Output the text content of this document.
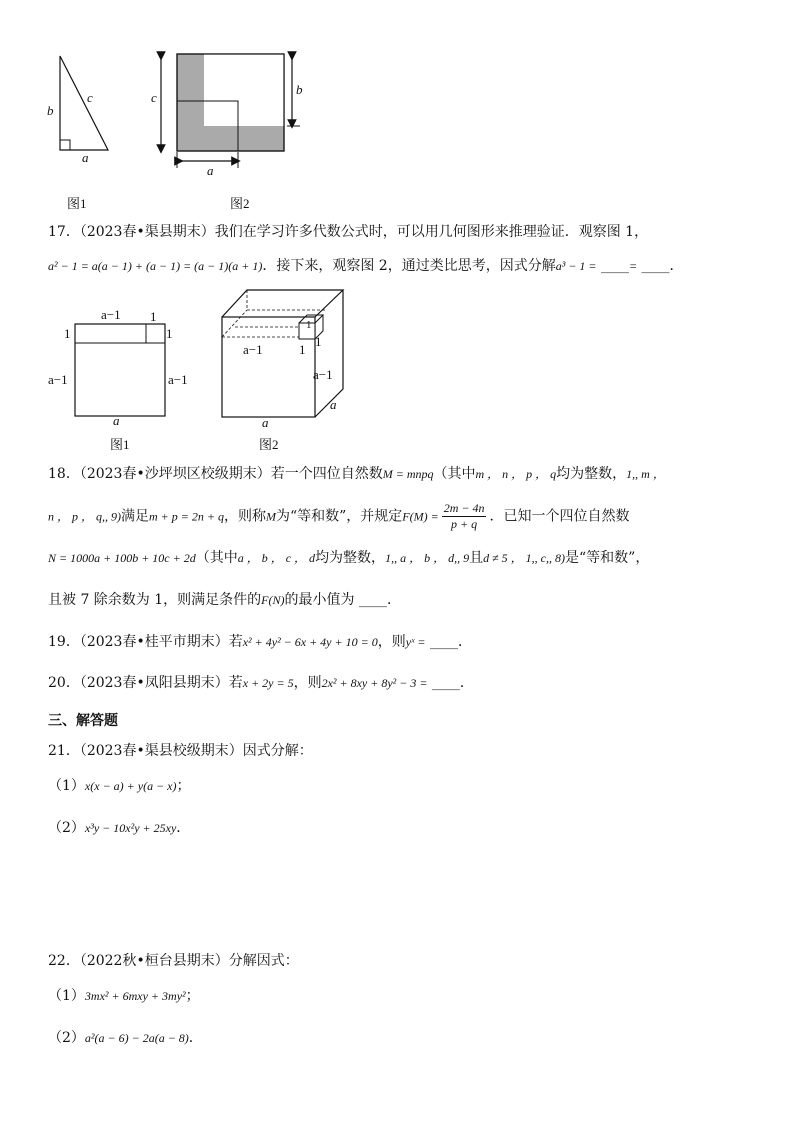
b
c
a
图1
c
b
a
图2
17．（2023春•渠县期末）我们在学习许多代数公式时，可以用几何图形来推理验证．观察图 1，
a² − 1 = a(a − 1) + (a − 1) = (a − 1)(a + 1)．接下来，观察图 2，通过类比思考，因式分解a³ − 1 = ____= ____．
a−1 1
1	1
a−1	a−1
a
图1
a−1	1
1
1
a−1
a
a
图2
18．（2023春•沙坪坝区校级期末）若一个四位自然数M = mnpq（其中m ， n ， p ， q均为整数，1,, m ，
n ， p ， q,, 9)满足m + p = 2n + q，则称M为“等和数”，并规定$F(M) = \frac{2m - 4n}{p + q}$ ．已知一个四位自然数
N = 1000a + 100b + 10c + 2d（其中a ， b ， c ， d均为整数，1,, a ， b ， d,, 9且d ≠ 5 ， 1,, c,, 8)是“等和数”，
且被 7 除余数为 1，则满足条件的F(N)的最小值为 ____．
19．（2023春•桂平市期末）若x² + 4y² − 6x + 4y + 10 = 0，则yˣ = ____．
20．（2023春•凤阳县期末）若x + 2y = 5，则2x² + 8xy + 8y² − 3 = ____．
三、解答题
21．（2023春•渠县校级期末）因式分解：
（1）x(x − a) + y(a − x)；
（2）x³y − 10x²y + 25xy．
22．（2022秋•桓台县期末）分解因式：
（1）3mx² + 6mxy + 3my²；
（2）a²(a − 6) − 2a(a − 8)．
